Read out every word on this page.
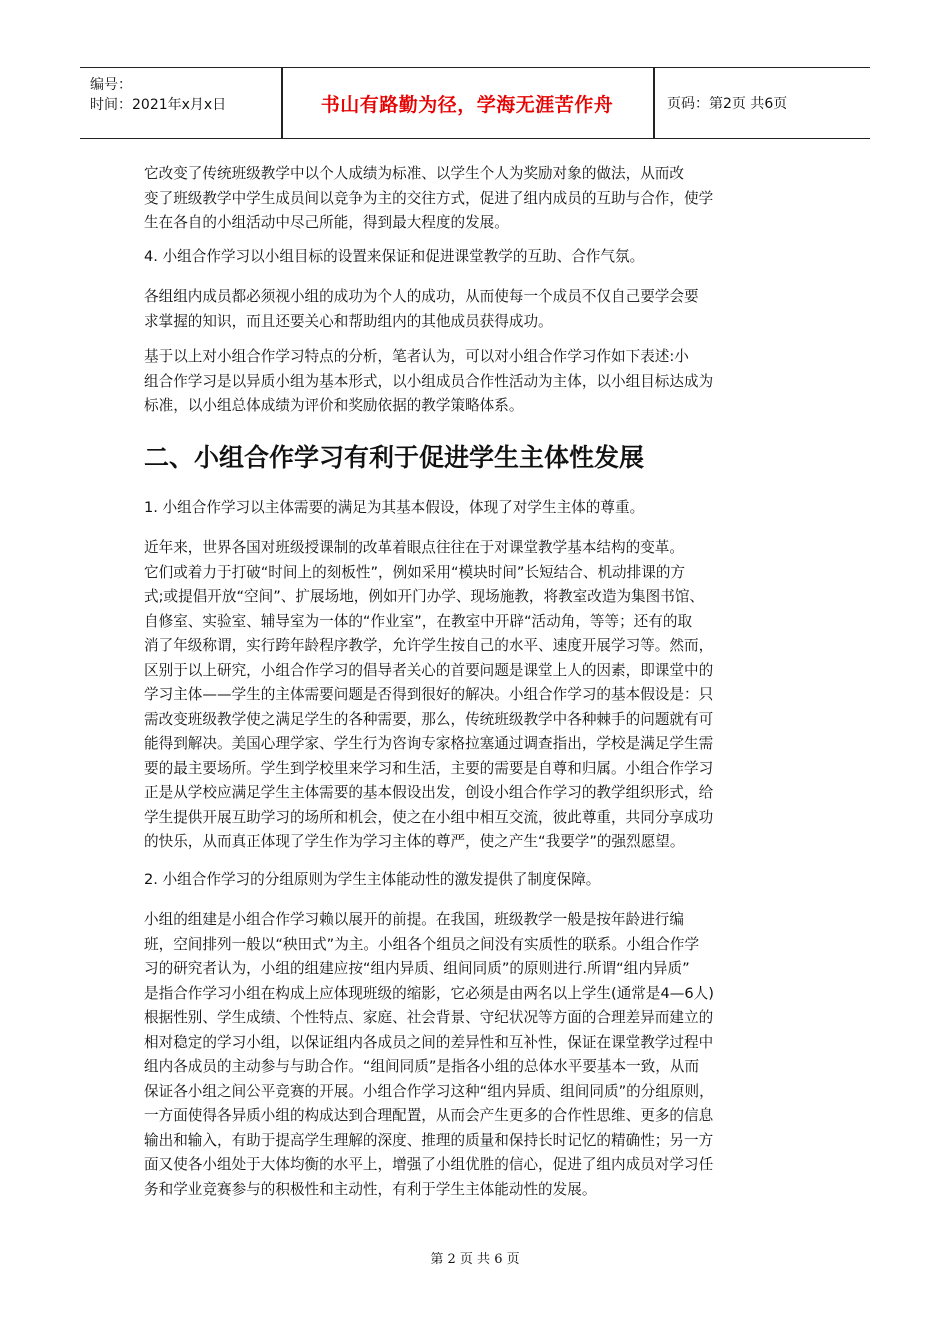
编号：
时间：2021年x月x日	书山有路勤为径，学海无涯苦作舟	页码：第2页 共6页
它改变了传统班级教学中以个人成绩为标准、以学生个人为奖励对象的做法，从而改
变了班级教学中学生成员间以竞争为主的交往方式，促进了组内成员的互助与合作，使学
生在各自的小组活动中尽己所能，得到最大程度的发展。
4. 小组合作学习以小组目标的设置来保证和促进课堂教学的互助、合作气氛。
各组组内成员都必须视小组的成功为个人的成功，从而使每一个成员不仅自己要学会要
求掌握的知识，而且还要关心和帮助组内的其他成员获得成功。
基于以上对小组合作学习特点的分析，笔者认为，可以对小组合作学习作如下表述:小
组合作学习是以异质小组为基本形式，以小组成员合作性活动为主体，以小组目标达成为
标准，以小组总体成绩为评价和奖励依据的教学策略体系。
二、小组合作学习有利于促进学生主体性发展
1. 小组合作学习以主体需要的满足为其基本假设，体现了对学生主体的尊重。
近年来，世界各国对班级授课制的改革着眼点往往在于对课堂教学基本结构的变革。
它们或着力于打破“时间上的刻板性”，例如采用“模块时间”长短结合、机动排课的方
式;或提倡开放“空间”、扩展场地，例如开门办学、现场施教，将教室改造为集图书馆、
自修室、实验室、辅导室为一体的“作业室”，在教室中开辟“活动角，等等；还有的取
消了年级称谓，实行跨年龄程序教学，允许学生按自己的水平、速度开展学习等。然而，
区别于以上研究，小组合作学习的倡导者关心的首要问题是课堂上人的因素，即课堂中的
学习主体——学生的主体需要问题是否得到很好的解决。小组合作学习的基本假设是：只
需改变班级教学使之满足学生的各种需要，那么，传统班级教学中各种棘手的问题就有可
能得到解决。美国心理学家、学生行为咨询专家格拉塞通过调查指出，学校是满足学生需
要的最主要场所。学生到学校里来学习和生活，主要的需要是自尊和归属。小组合作学习
正是从学校应满足学生主体需要的基本假设出发，创设小组合作学习的教学组织形式，给
学生提供开展互助学习的场所和机会，使之在小组中相互交流，彼此尊重，共同分享成功
的快乐，从而真正体现了学生作为学习主体的尊严，使之产生“我要学”的强烈愿望。
2. 小组合作学习的分组原则为学生主体能动性的激发提供了制度保障。
小组的组建是小组合作学习赖以展开的前提。在我国，班级教学一般是按年龄进行编
班，空间排列一般以“秧田式”为主。小组各个组员之间没有实质性的联系。小组合作学
习的研究者认为，小组的组建应按“组内异质、组间同质”的原则进行.所谓“组内异质”
是指合作学习小组在构成上应体现班级的缩影，它必须是由两名以上学生(通常是4—6人)
根据性别、学生成绩、个性特点、家庭、社会背景、守纪状况等方面的合理差异而建立的
相对稳定的学习小组，以保证组内各成员之间的差异性和互补性，保证在课堂教学过程中
组内各成员的主动参与与助合作。“组间同质”是指各小组的总体水平要基本一致，从而
保证各小组之间公平竞赛的开展。小组合作学习这种“组内异质、组间同质”的分组原则，
一方面使得各异质小组的构成达到合理配置，从而会产生更多的合作性思维、更多的信息
输出和输入，有助于提高学生理解的深度、推理的质量和保持长时记忆的精确性；另一方
面又使各小组处于大体均衡的水平上，增强了小组优胜的信心，促进了组内成员对学习任
务和学业竞赛参与的积极性和主动性，有利于学生主体能动性的发展。
第 2 页 共 6 页
